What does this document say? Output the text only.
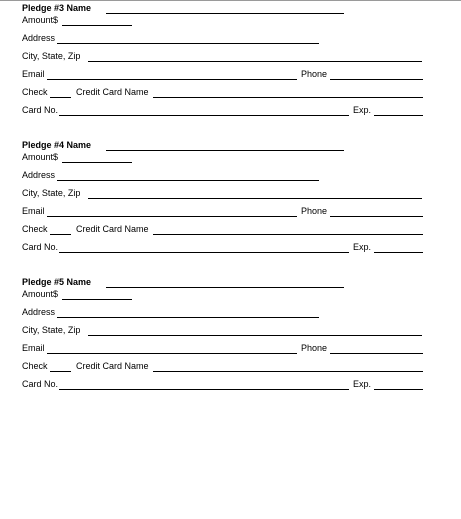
Pledge #3 Name
Amount$
Address
City, State, Zip
Email	Phone
Check	Credit Card Name
Card No.	Exp.
Pledge #4 Name
Amount$
Address
City, State, Zip
Email	Phone
Check	Credit Card Name
Card No.	Exp.
Pledge #5 Name
Amount$
Address
City, State, Zip
Email	Phone
Check	Credit Card Name
Card No.	Exp.
